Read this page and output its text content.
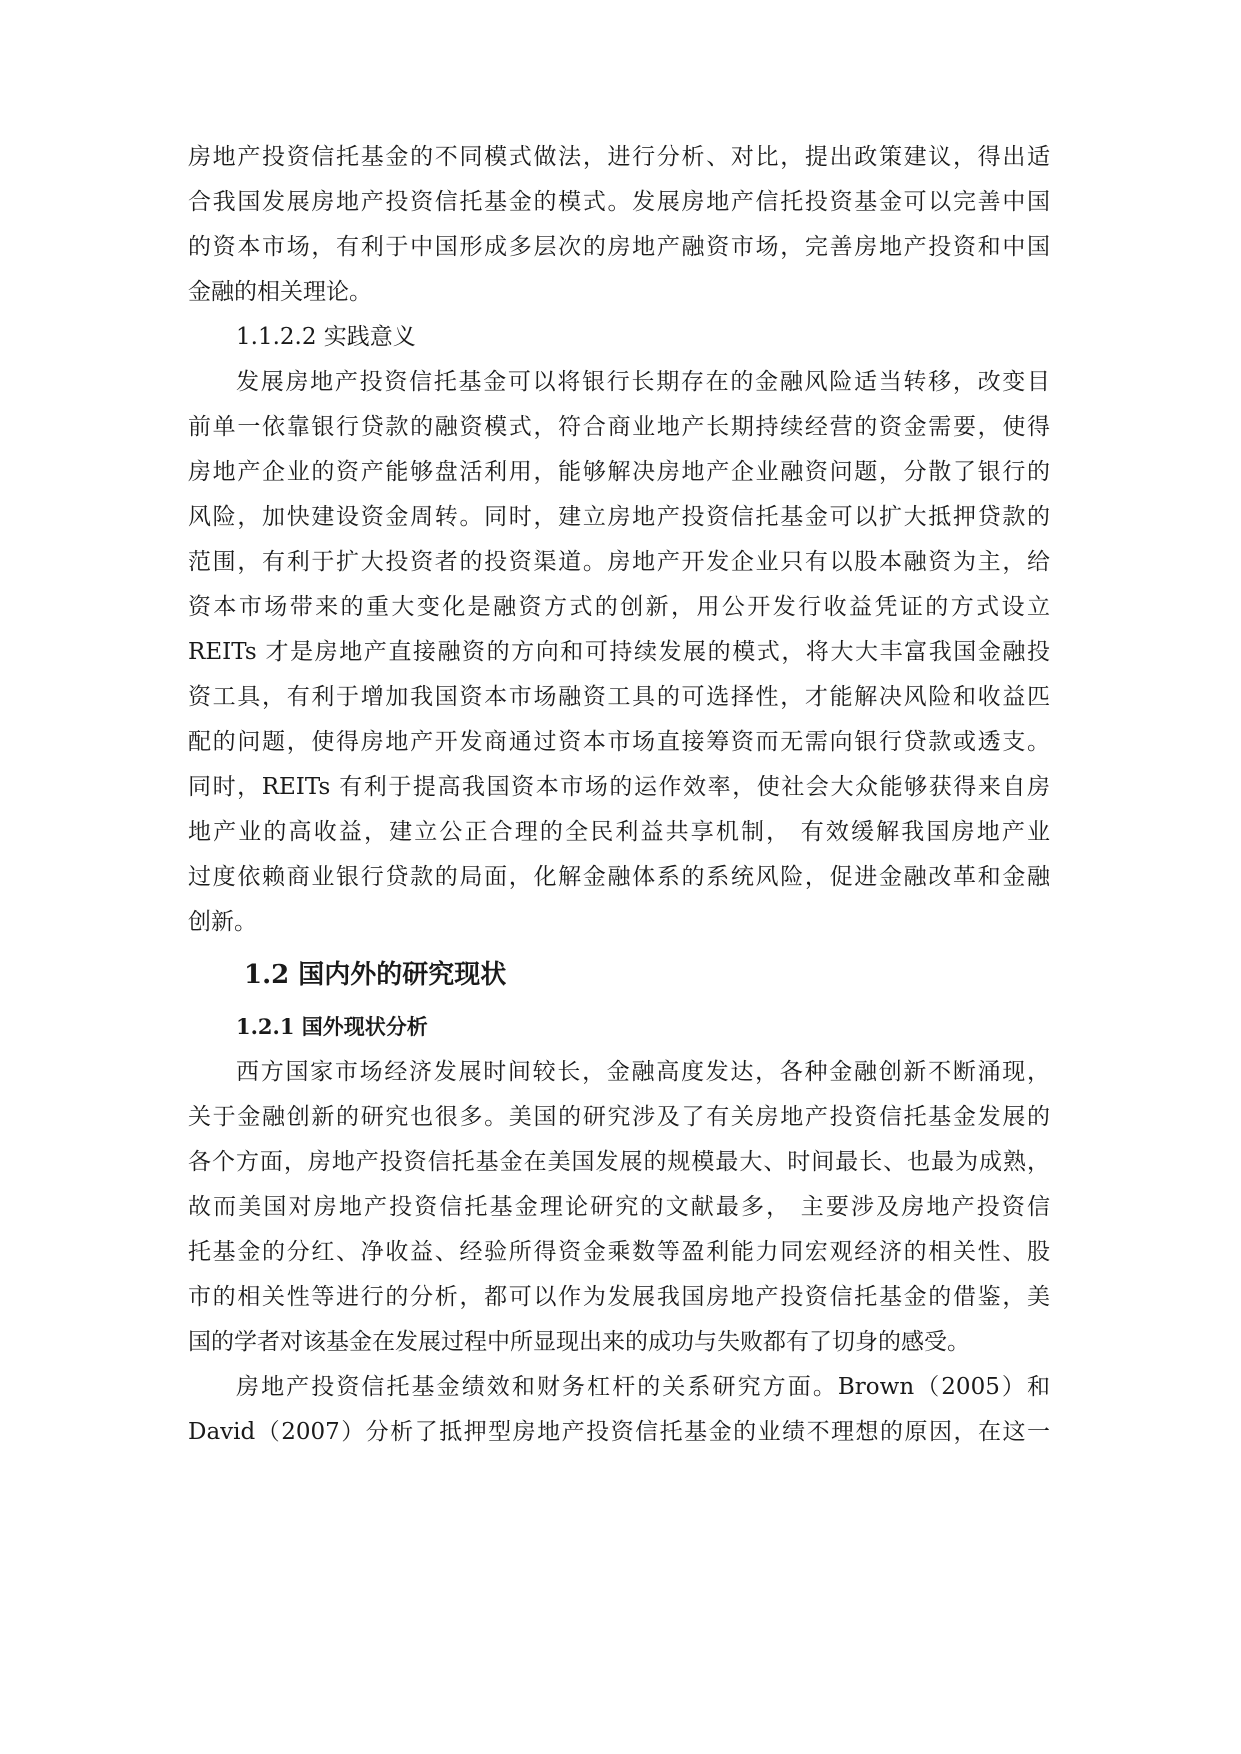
房地产投资信托基金的不同模式做法，进行分析、对比，提出政策建议，得出适
合我国发展房地产投资信托基金的模式。发展房地产信托投资基金可以完善中国
的资本市场，有利于中国形成多层次的房地产融资市场，完善房地产投资和中国
金融的相关理论。
1.1.2.2 实践意义
发展房地产投资信托基金可以将银行长期存在的金融风险适当转移，改变目
前单一依靠银行贷款的融资模式，符合商业地产长期持续经营的资金需要，使得
房地产企业的资产能够盘活利用，能够解决房地产企业融资问题，分散了银行的
风险，加快建设资金周转。同时，建立房地产投资信托基金可以扩大抵押贷款的
范围，有利于扩大投资者的投资渠道。房地产开发企业只有以股本融资为主，给
资本市场带来的重大变化是融资方式的创新，用公开发行收益凭证的方式设立
REITs 才是房地产直接融资的方向和可持续发展的模式，将大大丰富我国金融投
资工具，有利于增加我国资本市场融资工具的可选择性，才能解决风险和收益匹
配的问题，使得房地产开发商通过资本市场直接筹资而无需向银行贷款或透支。
同时，REITs 有利于提高我国资本市场的运作效率，使社会大众能够获得来自房
地产业的高收益，建立公正合理的全民利益共享机制， 有效缓解我国房地产业
过度依赖商业银行贷款的局面，化解金融体系的系统风险，促进金融改革和金融
创新。
1.2 国内外的研究现状
1.2.1 国外现状分析
西方国家市场经济发展时间较长，金融高度发达，各种金融创新不断涌现，
关于金融创新的研究也很多。美国的研究涉及了有关房地产投资信托基金发展的
各个方面，房地产投资信托基金在美国发展的规模最大、时间最长、也最为成熟，
故而美国对房地产投资信托基金理论研究的文献最多， 主要涉及房地产投资信
托基金的分红、净收益、经验所得资金乘数等盈利能力同宏观经济的相关性、股
市的相关性等进行的分析，都可以作为发展我国房地产投资信托基金的借鉴，美
国的学者对该基金在发展过程中所显现出来的成功与失败都有了切身的感受。
房地产投资信托基金绩效和财务杠杆的关系研究方面。Brown（2005）和
David（2007）分析了抵押型房地产投资信托基金的业绩不理想的原因，在这一
